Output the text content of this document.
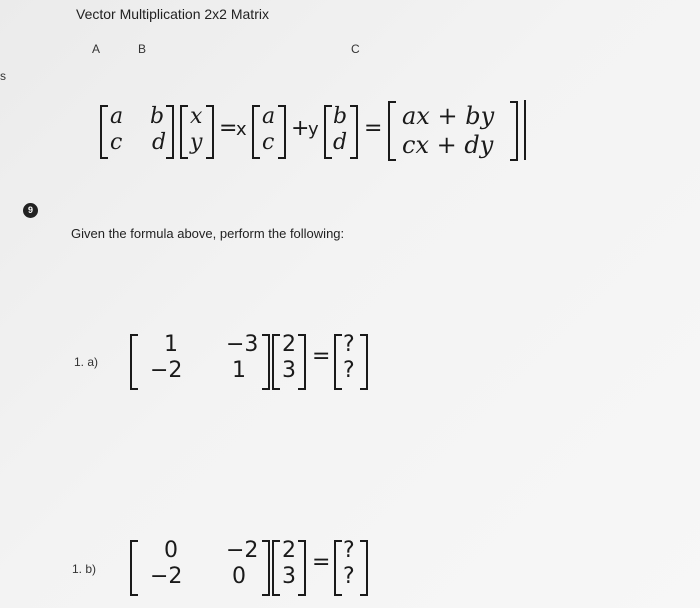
Vector Multiplication 2x2 Matrix
A	B	C
s
a b
c d
x
y
=
x
a
c
+
y
b
d
= ax + by
cx + dy
9
Given the formula above, perform the following:
1. a)
1 −3
−2 1
2
3
= ?
?
1. b)
0 −2
−2 0
2
3
= ?
?
